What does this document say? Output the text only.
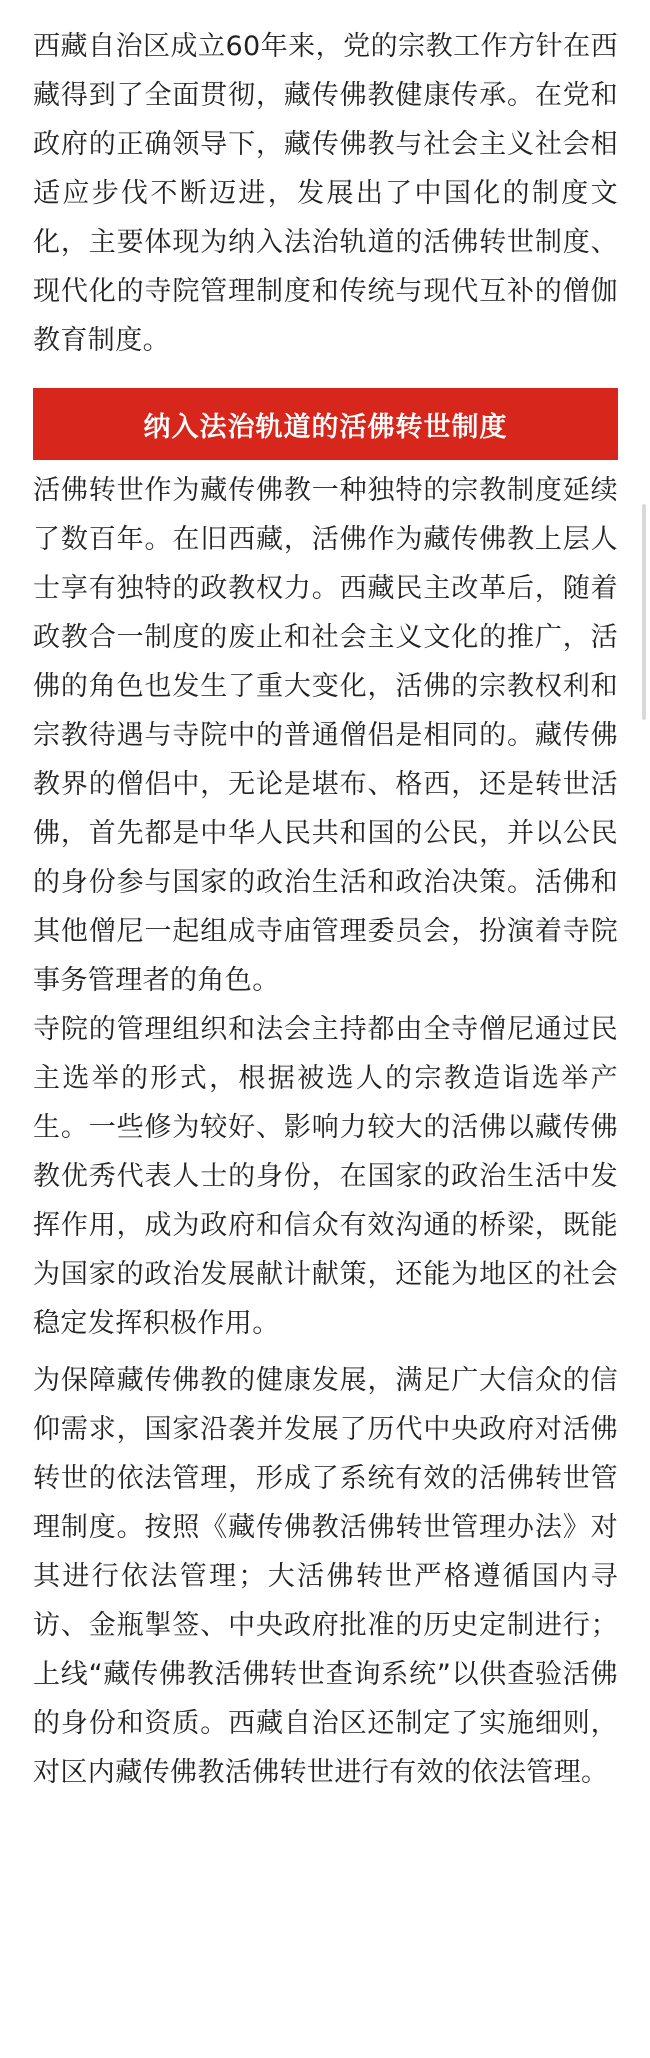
西藏自治区成立60年来，党的宗教工作方针在西藏得到了全面贯彻，藏传佛教健康传承。在党和政府的正确领导下，藏传佛教与社会主义社会相适应步伐不断迈进，发展出了中国化的制度文化，主要体现为纳入法治轨道的活佛转世制度、现代化的寺院管理制度和传统与现代互补的僧伽教育制度。

纳入法治轨道的活佛转世制度

活佛转世作为藏传佛教一种独特的宗教制度延续了数百年。在旧西藏，活佛作为藏传佛教上层人士享有独特的政教权力。西藏民主改革后，随着政教合一制度的废止和社会主义文化的推广，活佛的角色也发生了重大变化，活佛的宗教权利和宗教待遇与寺院中的普通僧侣是相同的。藏传佛教界的僧侣中，无论是堪布、格西，还是转世活佛，首先都是中华人民共和国的公民，并以公民的身份参与国家的政治生活和政治决策。活佛和其他僧尼一起组成寺庙管理委员会，扮演着寺院事务管理者的角色。

寺院的管理组织和法会主持都由全寺僧尼通过民主选举的形式，根据被选人的宗教造诣选举产生。一些修为较好、影响力较大的活佛以藏传佛教优秀代表人士的身份，在国家的政治生活中发挥作用，成为政府和信众有效沟通的桥梁，既能为国家的政治发展献计献策，还能为地区的社会稳定发挥积极作用。

为保障藏传佛教的健康发展，满足广大信众的信仰需求，国家沿袭并发展了历代中央政府对活佛转世的依法管理，形成了系统有效的活佛转世管理制度。按照《藏传佛教活佛转世管理办法》对其进行依法管理；大活佛转世严格遵循国内寻访、金瓶掣签、中央政府批准的历史定制进行；上线“藏传佛教活佛转世查询系统”以供查验活佛的身份和资质。西藏自治区还制定了实施细则，对区内藏传佛教活佛转世进行有效的依法管理。
